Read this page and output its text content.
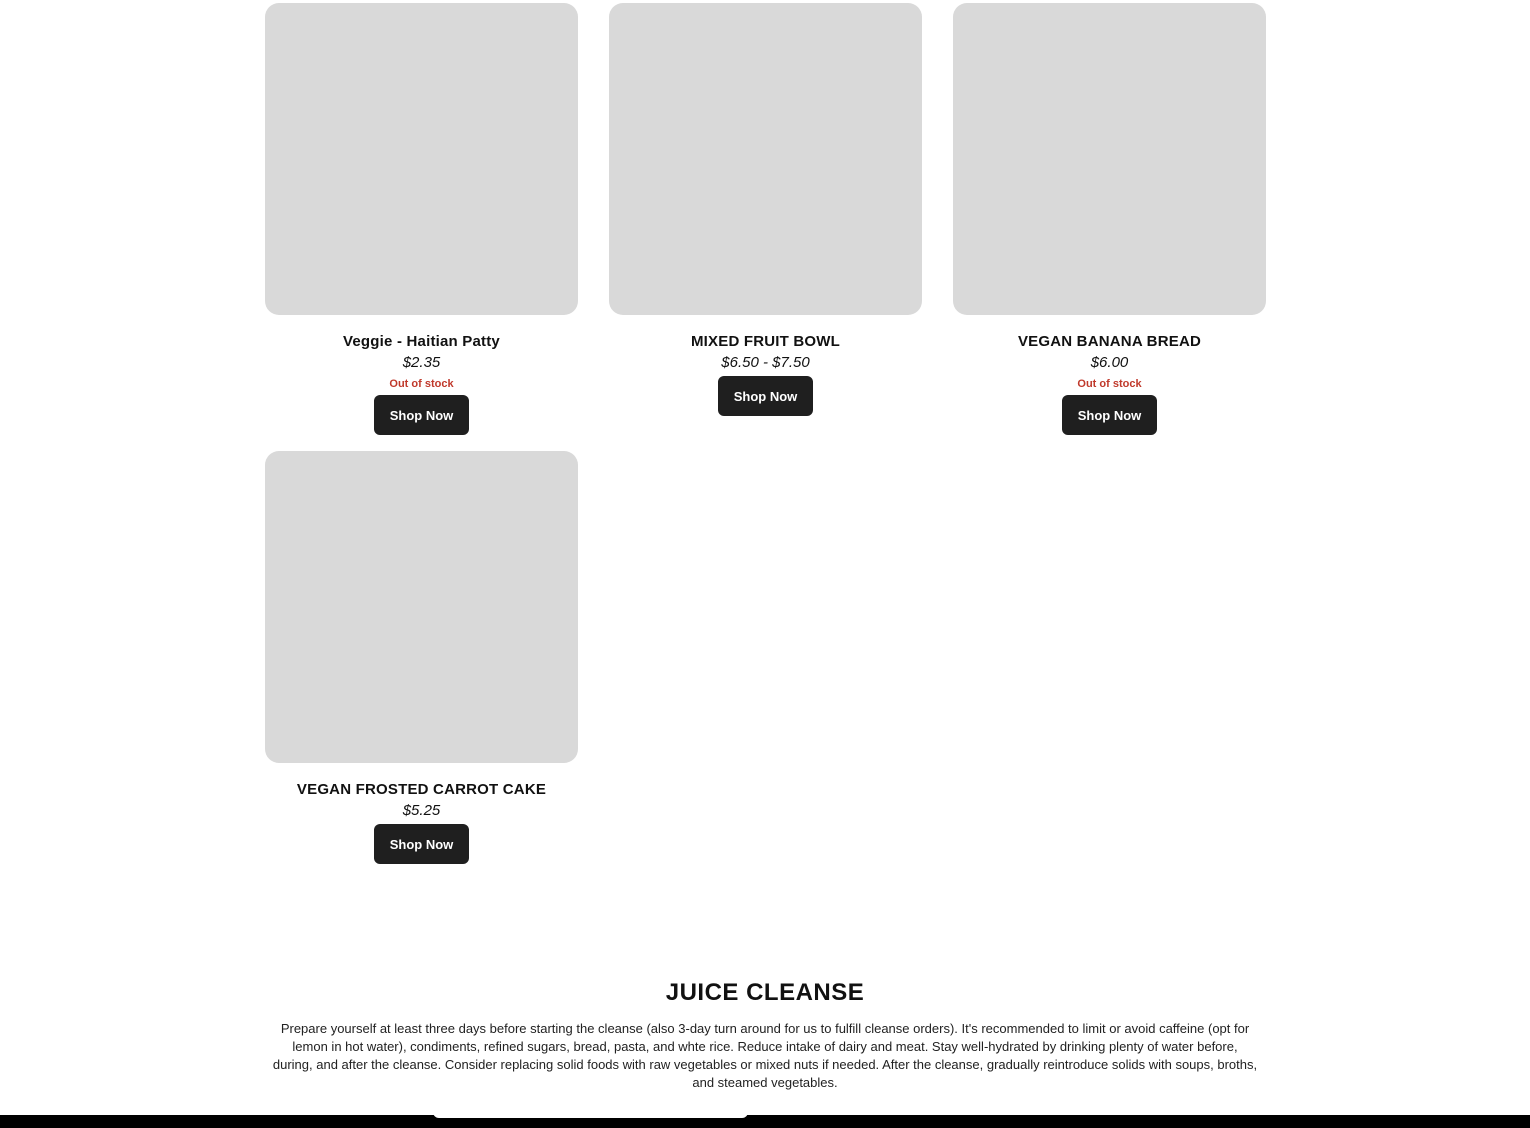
Veggie - Haitian Patty
$2.35
Out of stock
Shop Now
MIXED FRUIT BOWL
$6.50 - $7.50
Shop Now
VEGAN BANANA BREAD
$6.00
Out of stock
Shop Now
VEGAN FROSTED CARROT CAKE
$5.25
Shop Now
JUICE CLEANSE

Prepare yourself at least three days before starting the cleanse (also 3-day turn around for us to fulfill cleanse orders). It's recommended to limit or avoid caffeine (opt for lemon in hot water), condiments, refined sugars, bread, pasta, and whte rice. Reduce intake of dairy and meat. Stay well-hydrated by drinking plenty of water before, during, and after the cleanse. Consider replacing solid foods with raw vegetables or mixed nuts if needed. After the cleanse, gradually reintroduce solids with soups, broths, and steamed vegetables.
